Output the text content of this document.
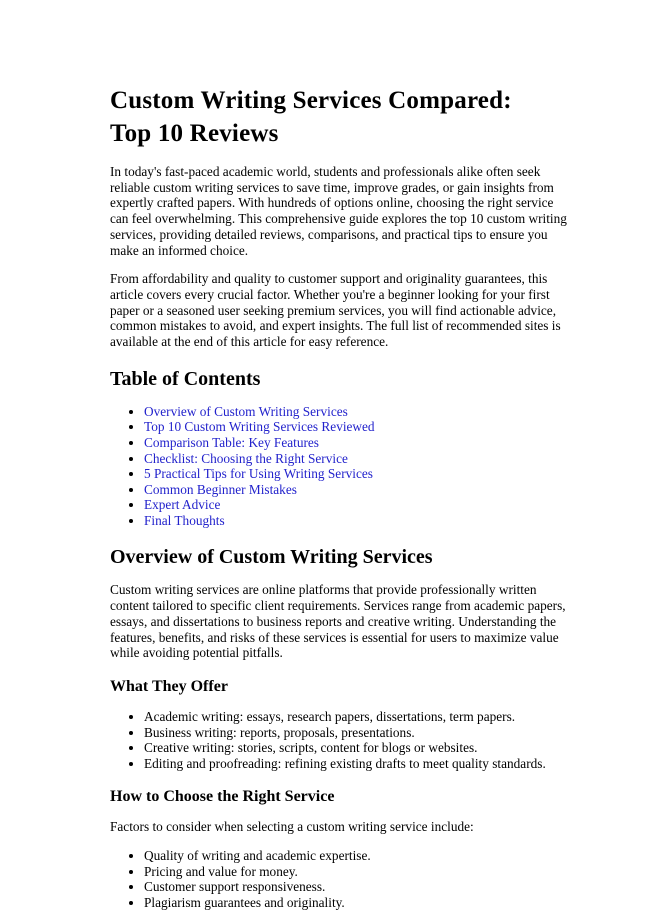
Custom Writing Services Compared:
Top 10 Reviews

In today's fast-paced academic world, students and professionals alike often seek reliable custom writing services to save time, improve grades, or gain insights from expertly crafted papers. With hundreds of options online, choosing the right service can feel overwhelming. This comprehensive guide explores the top 10 custom writing services, providing detailed reviews, comparisons, and practical tips to ensure you make an informed choice.

From affordability and quality to customer support and originality guarantees, this article covers every crucial factor. Whether you're a beginner looking for your first paper or a seasoned user seeking premium services, you will find actionable advice, common mistakes to avoid, and expert insights. The full list of recommended sites is available at the end of this article for easy reference.

Table of Contents
• Overview of Custom Writing Services
• Top 10 Custom Writing Services Reviewed
• Comparison Table: Key Features
• Checklist: Choosing the Right Service
• 5 Practical Tips for Using Writing Services
• Common Beginner Mistakes
• Expert Advice
• Final Thoughts
Overview of Custom Writing Services

Custom writing services are online platforms that provide professionally written content tailored to specific client requirements. Services range from academic papers, essays, and dissertations to business reports and creative writing. Understanding the features, benefits, and risks of these services is essential for users to maximize value while avoiding potential pitfalls.

What They Offer
• Academic writing: essays, research papers, dissertations, term papers.
• Business writing: reports, proposals, presentations.
• Creative writing: stories, scripts, content for blogs or websites.
• Editing and proofreading: refining existing drafts to meet quality standards.
How to Choose the Right Service

Factors to consider when selecting a custom writing service include:

• Quality of writing and academic expertise.
• Pricing and value for money.
• Customer support responsiveness.
• Plagiarism guarantees and originality.
